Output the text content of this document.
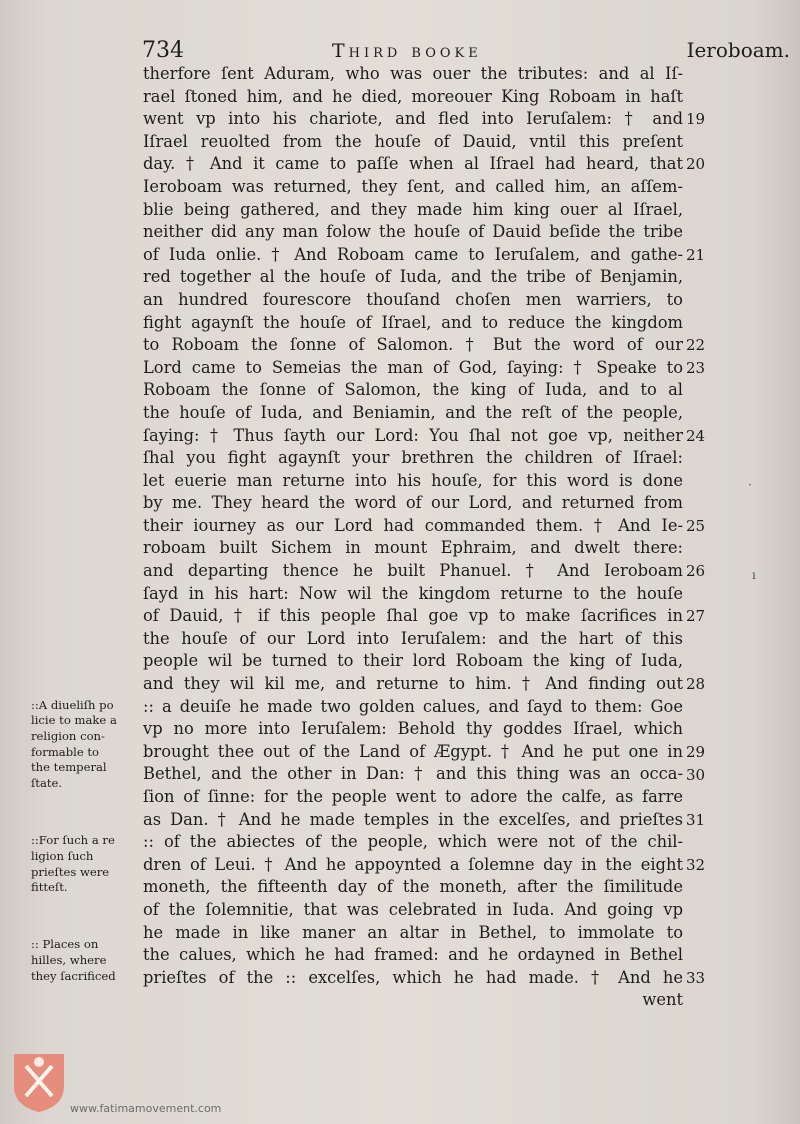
734	Third booke	Ieroboam.
therfore ſent Aduram, who was ouer the tributes: and al Iſ-
rael ſtoned him, and he died, moreouer King Roboam in haſt
went vp into his chariote, and fled into Ieruſalem: † and
Iſrael reuolted from the houſe of Dauid, vntil this preſent
day. † And it came to paſſe when al Iſrael had heard, that
Ieroboam was returned, they ſent, and called him, an aſſem-
blie being gathered, and they made him king ouer al Iſrael,
neither did any man folow the houſe of Dauid beſide the tribe
of Iuda onlie. † And Roboam came to Ieruſalem, and gathe-
red together al the houſe of Iuda, and the tribe of Benjamin,
an hundred fourescore thouſand choſen men warriers, to
fight agaynſt the houſe of Iſrael, and to reduce the kingdom
to Roboam the ſonne of Salomon. † But the word of our
Lord came to Semeias the man of God, ſaying: † Speake to
Roboam the ſonne of Salomon, the king of Iuda, and to al
the houſe of Iuda, and Beniamin, and the reſt of the people,
ſaying: † Thus ſayth our Lord: You ſhal not goe vp, neither
ſhal you fight agaynſt your brethren the children of Iſrael:
let euerie man returne into his houſe, for this word is done
by me. They heard the word of our Lord, and returned from
their iourney as our Lord had commanded them. † And Ie-
roboam built Sichem in mount Ephraim, and dwelt there:
and departing thence he built Phanuel. † And Ieroboam
ſayd in his hart: Now wil the kingdom returne to the houſe
of Dauid, † if this people ſhal goe vp to make ſacrifices in
the houſe of our Lord into Ieruſalem: and the hart of this
people wil be turned to their lord Roboam the king of Iuda,
and they wil kil me, and returne to him. † And finding out
:: a deuiſe he made two golden calues, and ſayd to them: Goe
vp no more into Ieruſalem: Behold thy goddes Iſrael, which
brought thee out of the Land of Ægypt. † And he put one in
Bethel, and the other in Dan: † and this thing was an occa-
ſion of ſinne: for the people went to adore the calfe, as farre
as Dan. † And he made temples in the excelſes, and prieſtes
:: of the abiectes of the people, which were not of the chil-
dren of Leui. † And he appoynted a ſolemne day in the eight
moneth, the fifteenth day of the moneth, after the ſimilitude
of the ſolemnitie, that was celebrated in Iuda. And going vp
he made in like maner an altar in Bethel, to immolate to
the calues, which he had framed: and he ordayned in Bethel
prieſtes of the :: excelſes, which he had made. † And he
went
19
20
21
22
23
24
25
26
27
28
29
30
31
32
33
::A diueliſh po
licie to make a
religion con-
formable to
the temperal
ſtate.
::For ſuch a re
ligion ſuch
prieſtes were
fitteſt.
:: Places on
hilles, where
they ſacrificed
·
ı
www.fatimamovement.com
